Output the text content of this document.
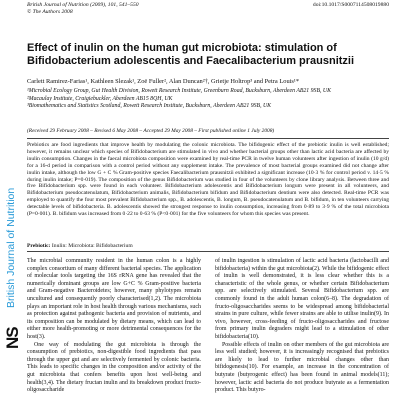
British Journal of Nutrition
NS
British Journal of Nutrition (2009), 101, 541–550
© The Authors 2008
doi:10.1017/S0007114508019880
Effect of inulin on the human gut microbiota: stimulation of Bifidobacterium adolescentis and Faecalibacterium prausnitzii
Carlett Ramirez-Farias¹, Kathleen Slezak¹, Zoë Fuller², Alan Duncan²†, Grietje Holtrop³ and Petra Louis¹*
¹Microbial Ecology Group, Gut Health Division, Rowett Research Institute, Greenburn Road, Bucksburn, Aberdeen AB21 9SB, UK
²Macaulay Institute, Craigiebuckler, Aberdeen AB15 8QH, UK
³Biomathematics and Statistics Scotland, Rowett Research Institute, Bucksburn, Aberdeen AB21 9SB, UK
(Received 29 February 2008 – Revised 6 May 2008 – Accepted 29 May 2008 – First published online 1 July 2008)

Prebiotics are food ingredients that improve health by modulating the colonic microbiota. The bifidogenic effect of the prebiotic inulin is well established; however, it remains unclear which species of Bifidobacterium are stimulated in vivo and whether bacterial groups other than lactic acid bacteria are affected by inulin consumption. Changes in the faecal microbiota composition were examined by real-time PCR in twelve human volunteers after ingestion of inulin (10 g/d) for a 16-d period in comparison with a control period without any supplement intake. The prevalence of most bacterial groups examined did not change after inulin intake, although the low G + C % Gram-positive species Faecalibacterium prausnitzii exhibited a significant increase (10·3 % for control period v. 14·5 % during inulin intake; P=0·019). The composition of the genus Bifidobacterium was studied in four of the volunteers by clone library analysis. Between three and five Bifidobacterium spp. were found in each volunteer. Bifidobacterium adolescentis and Bifidobacterium longum were present in all volunteers, and Bifidobacterium pseudocatenulatum, Bifidobacterium animalis, Bifidobacterium bifidum and Bifidobacterium dentium were also detected. Real-time PCR was employed to quantify the four most prevalent Bifidobacterium spp., B. adolescentis, B. longum, B. pseudocatenulatum and B. bifidum, in ten volunteers carrying detectable levels of bifidobacteria. B. adolescentis showed the strongest response to inulin consumption, increasing from 0·89 to 3·9 % of the total microbiota (P=0·001). B. bifidum was increased from 0·22 to 0·63 % (P<0·001) for the five volunteers for whom this species was present.

Prebiotic: Inulin: Microbiota: Bifidobacterium

The microbial community resident in the human colon is a highly complex consortium of many different bacterial species. The application of molecular tools targeting the 16S rRNA gene has revealed that the numerically dominant groups are low G+C % Gram-positive bacteria and Gram-negative Bacteroidetes; however, many phylotypes remain uncultured and consequently poorly characterised(1,2). The microbiota plays an important role in host health through various mechanisms, such as protection against pathogenic bacteria and provision of nutrients, and its composition can be modulated by dietary means, which can lead to either more health-promoting or more detrimental consequences for the host(3).

One way of modulating the gut microbiota is through the consumption of prebiotics, non-digestible food ingredients that pass through the upper gut and are selectively fermented by colonic bacteria. This leads to specific changes in the composition and/or activity of the gut microbiota that confers benefits upon host well-being and health(3,4). The dietary fructan inulin and its breakdown product fructo-oligosaccharide

of inulin ingestion is stimulation of lactic acid bacteria (lactobacilli and bifidobacteria) within the gut microbiota(2). While the bifidogenic effect of inulin is well demonstrated, it is less clear whether this is a characteristic of the whole genus, or whether certain Bifidobacterium spp. are selectively stimulated. Several Bifidobacterium spp. are commonly found in the adult human colon(6–8). The degradation of fructo-oligosaccharides seems to be widespread among bifidobacterial strains in pure culture, while fewer strains are able to utilise inulin(9). In vivo, however, cross-feeding of fructo-oligosaccharides and fructose from primary inulin degraders might lead to a stimulation of other bifidobacteria(10).

Possible effects of inulin on other members of the gut microbiota are less well studied; however, it is increasingly recognised that prebiotics are likely to lead to further microbial changes other than bifidogenesis(10). For example, an increase in the concentration of butyrate (butyrogenic effect) has been found in animal models(11); however, lactic acid bacteria do not produce butyrate as a fermentation product. This butyro-
